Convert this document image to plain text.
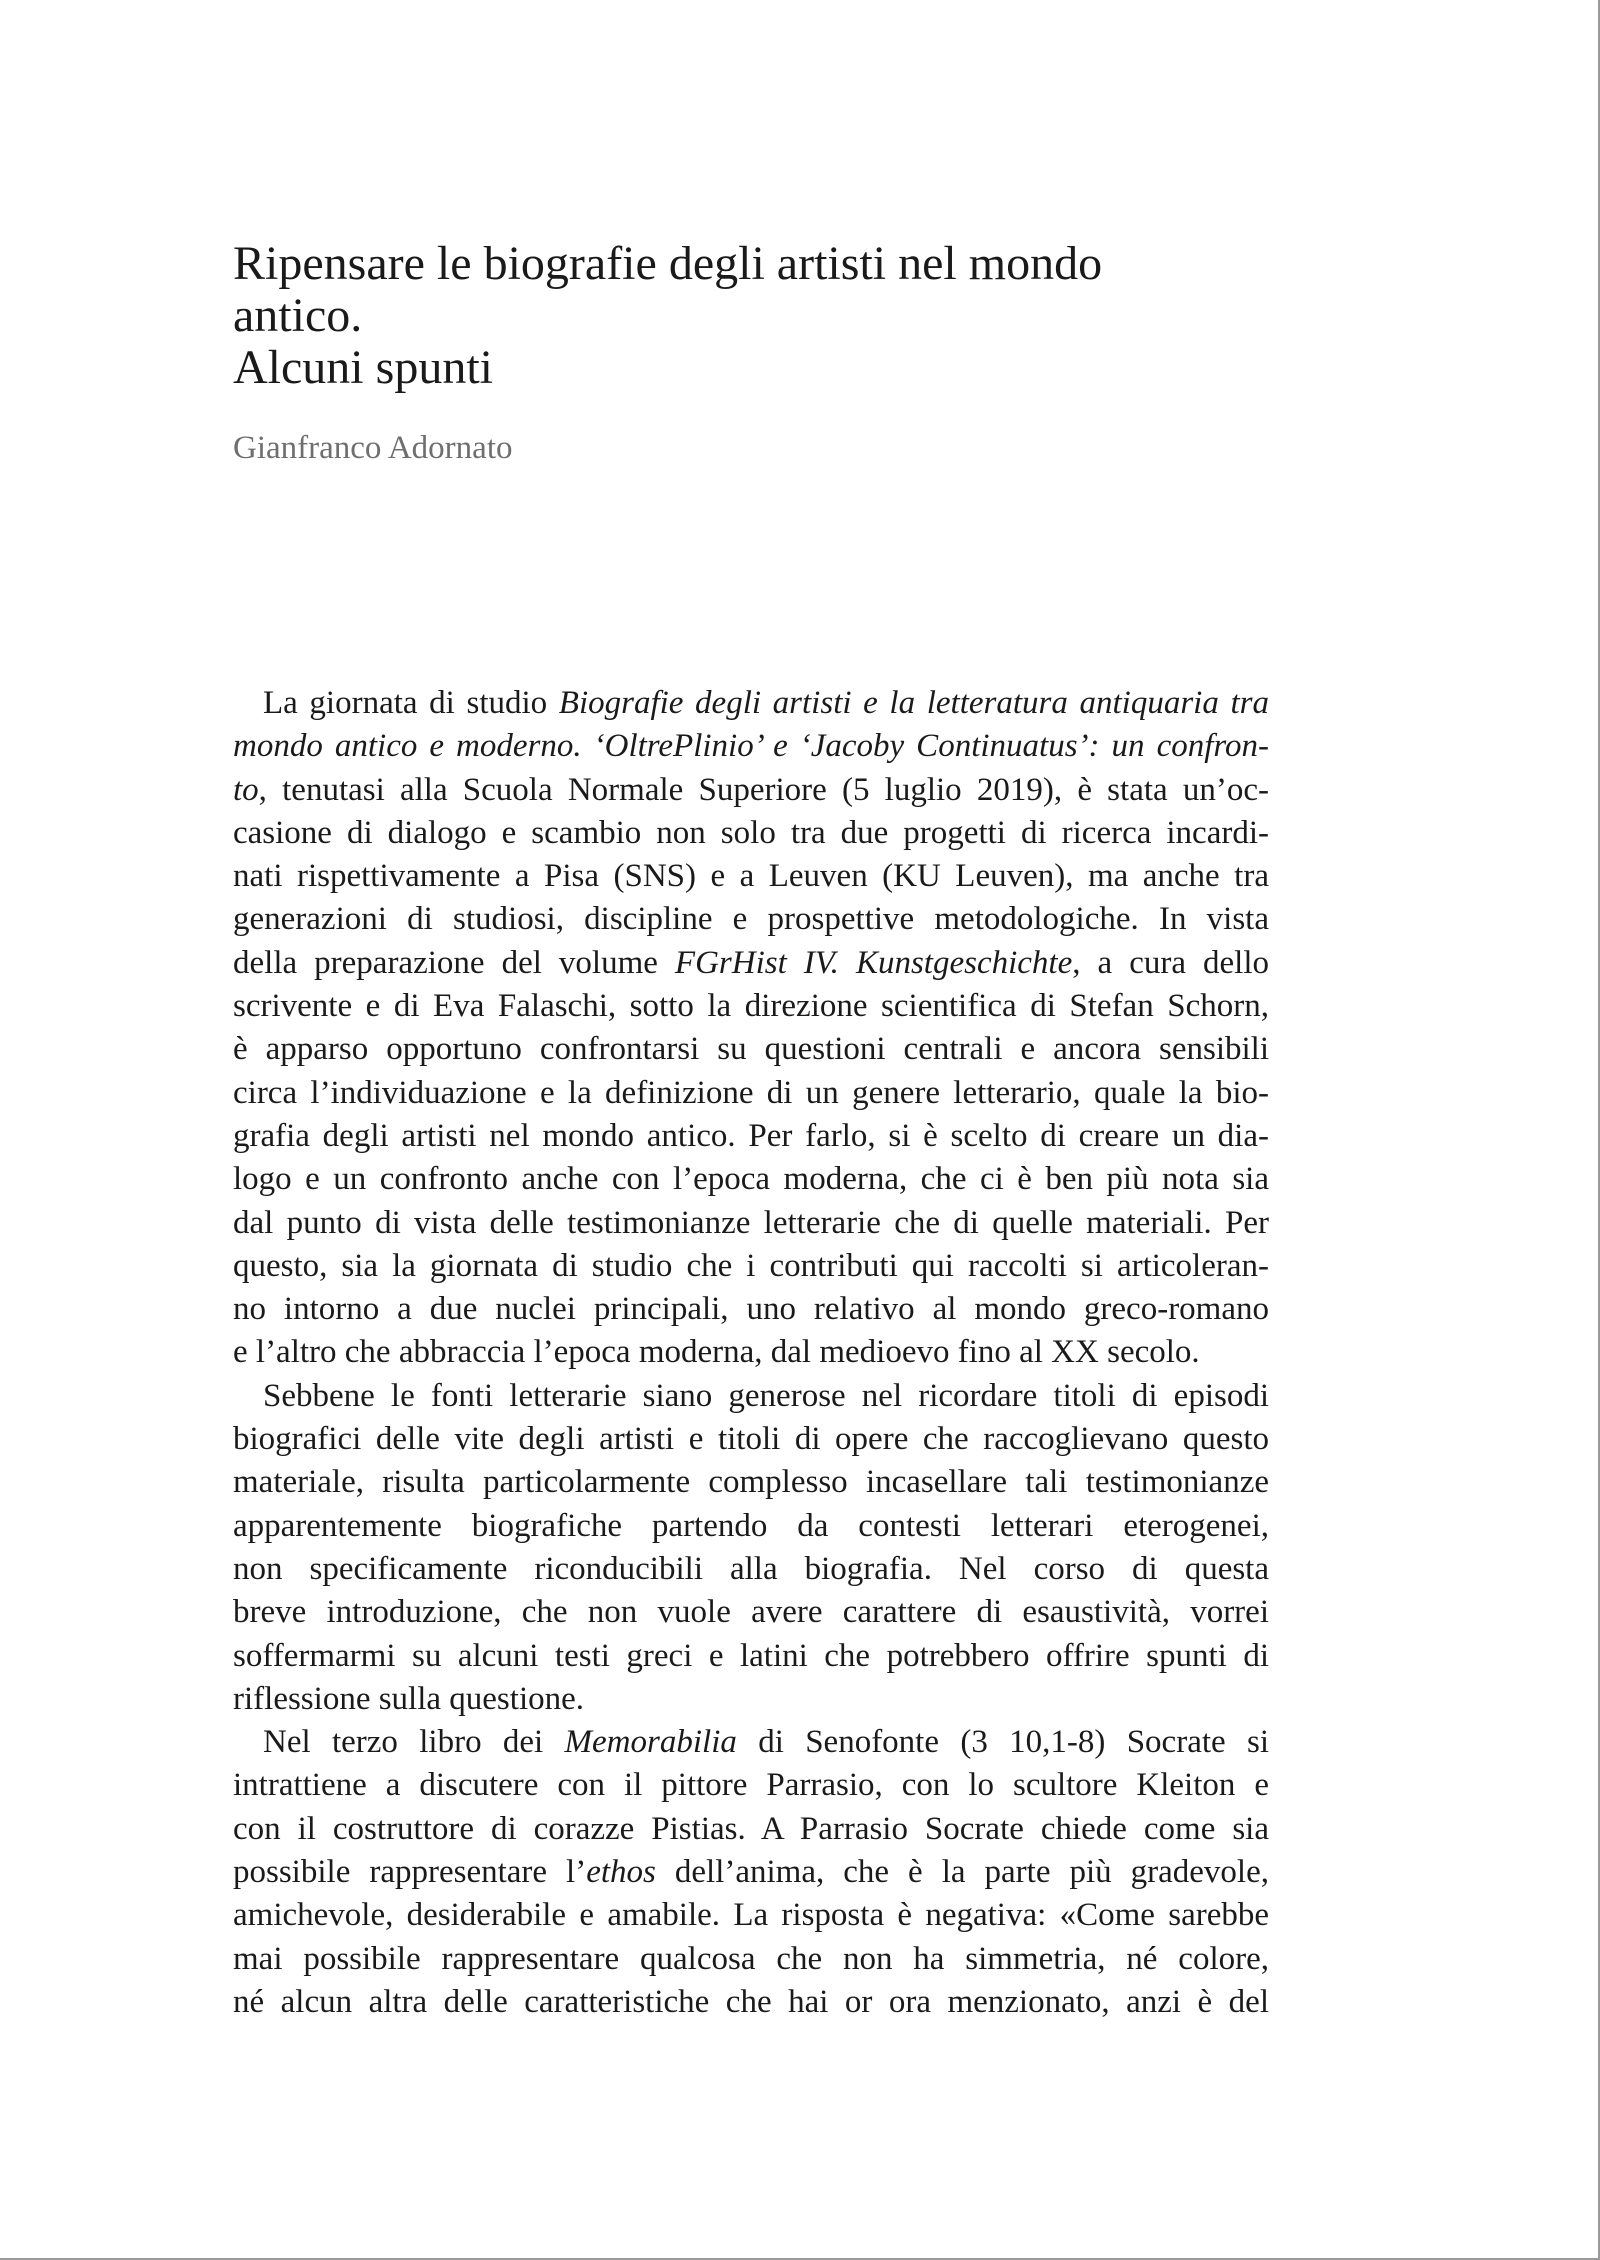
Ripensare le biografie degli artisti nel mondo
antico.
Alcuni spunti
Gianfranco Adornato
La giornata di studio Biografie degli artisti e la letteratura antiquaria tra
mondo antico e moderno. ‘OltrePlinio’ e ‘Jacoby Continuatus’: un confron-
to, tenutasi alla Scuola Normale Superiore (5 luglio 2019), è stata un’oc-
casione di dialogo e scambio non solo tra due progetti di ricerca incardi-
nati rispettivamente a Pisa (SNS) e a Leuven (KU Leuven), ma anche tra
generazioni di studiosi, discipline e prospettive metodologiche. In vista
della preparazione del volume FGrHist IV. Kunstgeschichte, a cura dello
scrivente e di Eva Falaschi, sotto la direzione scientifica di Stefan Schorn,
è apparso opportuno confrontarsi su questioni centrali e ancora sensibili
circa l’individuazione e la definizione di un genere letterario, quale la bio-
grafia degli artisti nel mondo antico. Per farlo, si è scelto di creare un dia-
logo e un confronto anche con l’epoca moderna, che ci è ben più nota sia
dal punto di vista delle testimonianze letterarie che di quelle materiali. Per
questo, sia la giornata di studio che i contributi qui raccolti si articoleran-
no intorno a due nuclei principali, uno relativo al mondo greco-romano
e l’altro che abbraccia l’epoca moderna, dal medioevo fino al XX secolo.
Sebbene le fonti letterarie siano generose nel ricordare titoli di episodi
biografici delle vite degli artisti e titoli di opere che raccoglievano questo
materiale, risulta particolarmente complesso incasellare tali testimonianze
apparentemente biografiche partendo da contesti letterari eterogenei,
non specificamente riconducibili alla biografia. Nel corso di questa
breve introduzione, che non vuole avere carattere di esaustività, vorrei
soffermarmi su alcuni testi greci e latini che potrebbero offrire spunti di
riflessione sulla questione.
Nel terzo libro dei Memorabilia di Senofonte (3 10,1-8) Socrate si
intrattiene a discutere con il pittore Parrasio, con lo scultore Kleiton e
con il costruttore di corazze Pistias. A Parrasio Socrate chiede come sia
possibile rappresentare l’ethos dell’anima, che è la parte più gradevole,
amichevole, desiderabile e amabile. La risposta è negativa: «Come sarebbe
mai possibile rappresentare qualcosa che non ha simmetria, né colore,
né alcun altra delle caratteristiche che hai or ora menzionato, anzi è del
